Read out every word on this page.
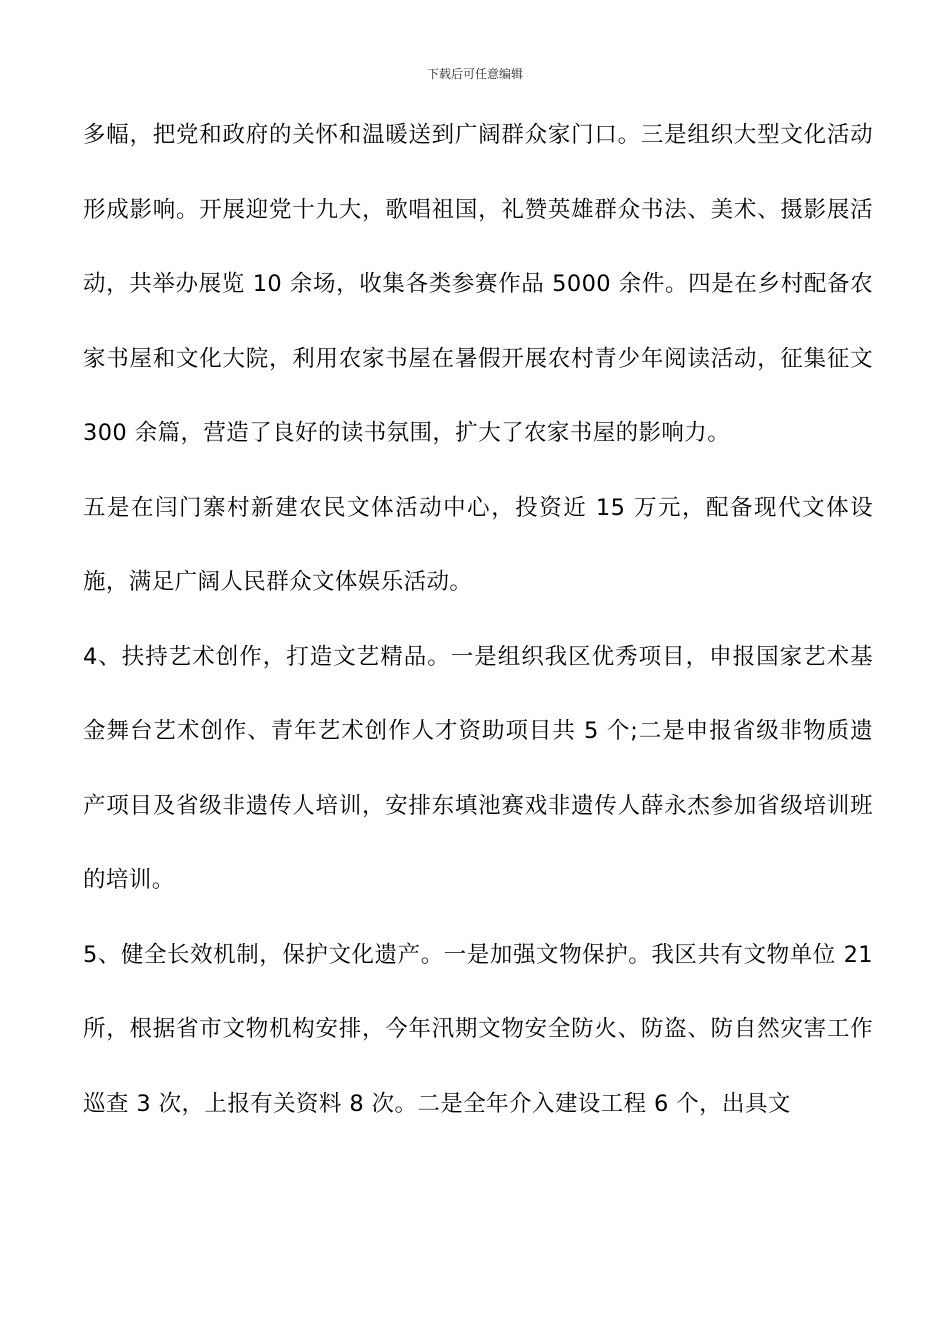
下载后可任意编辑

多幅，把党和政府的关怀和温暖送到广阔群众家门口。三是组织大型文化活动形成影响。开展迎党十九大，歌唱祖国，礼赞英雄群众书法、美术、摄影展活动，共举办展览 10 余场，收集各类参赛作品 5000 余件。四是在乡村配备农家书屋和文化大院，利用农家书屋在暑假开展农村青少年阅读活动，征集征文 300 余篇，营造了良好的读书氛围，扩大了农家书屋的影响力。

五是在闫门寨村新建农民文体活动中心，投资近 15 万元，配备现代文体设施，满足广阔人民群众文体娱乐活动。

4、扶持艺术创作，打造文艺精品。一是组织我区优秀项目，申报国家艺术基金舞台艺术创作、青年艺术创作人才资助项目共 5 个;二是申报省级非物质遗产项目及省级非遗传人培训，安排东填池赛戏非遗传人薛永杰参加省级培训班的培训。

5、健全长效机制，保护文化遗产。一是加强文物保护。我区共有文物单位 21 所，根据省市文物机构安排，今年汛期文物安全防火、防盗、防自然灾害工作巡查 3 次，上报有关资料 8 次。二是全年介入建设工程 6 个，出具文
